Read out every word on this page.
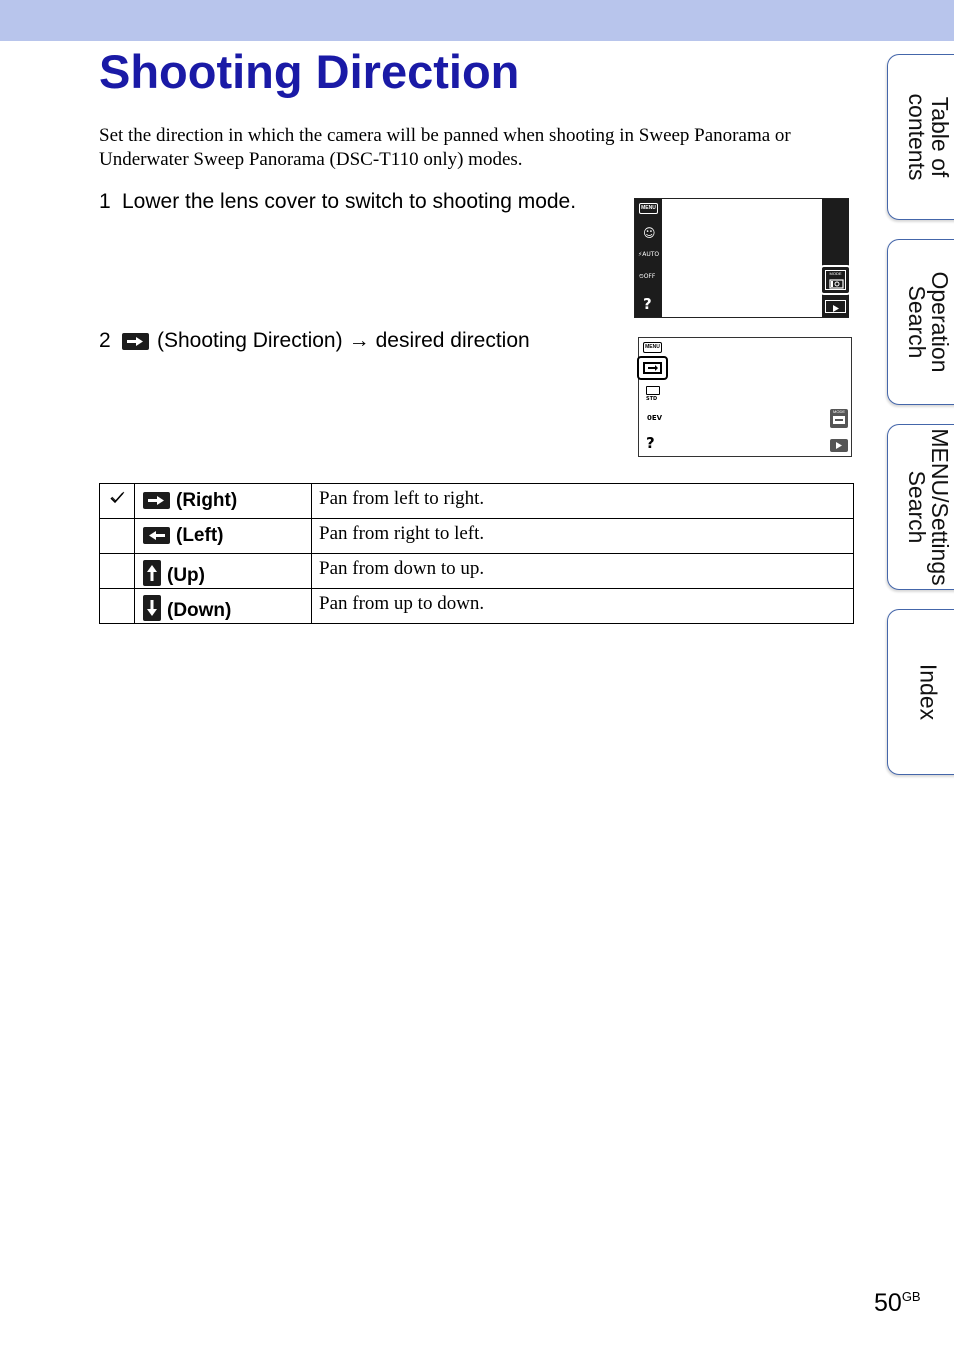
Shooting Direction

Set the direction in which the camera will be panned when shooting in Sweep Panorama or Underwater Sweep Panorama (DSC-T110 only) modes.

1 Lower the lens cover to switch to shooting mode.	MENU
☺
⚡AUTO
⏲OFF
?
MODE
2 (Shooting Direction) → desired direction	MENU
STD
0EV
?
MODE

(Right)	Pan from left to right.

(Left)	Pan from right to left.

(Up)	Pan from down to up.

(Down)	Pan from up to down.
Table of
contents
Operation
Search
MENU/Settings
Search
Index
$50^{GB}$
